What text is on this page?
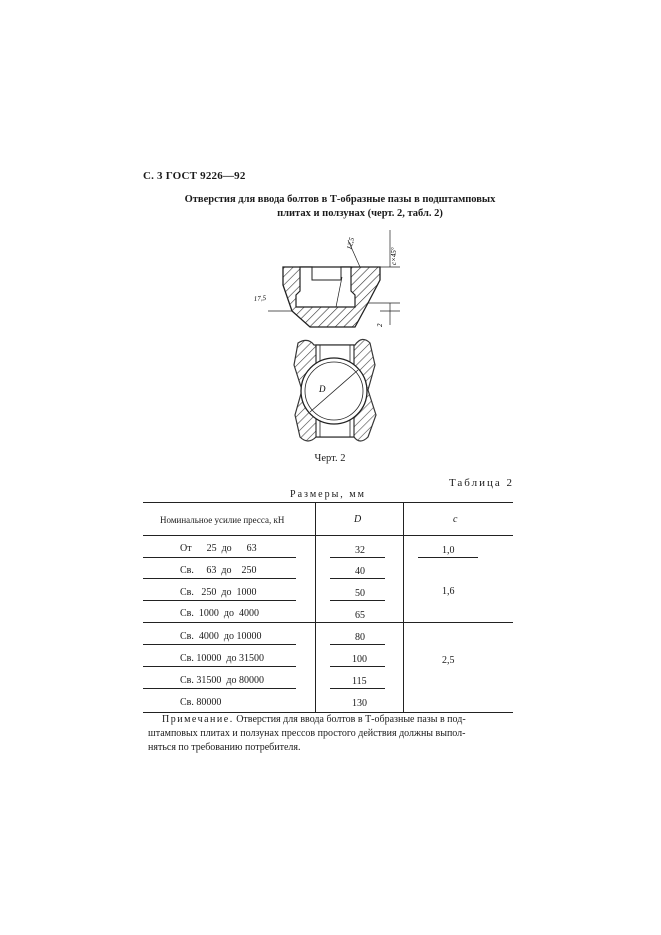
С. 3 ГОСТ 9226—92
Отверстия для ввода болтов в Т-образные пазы в подштамповых
плитах и ползунах (черт. 2, табл. 2)
17,5
12,5
c×45°
2
D
Черт. 2
Таблица 2
Размеры, мм
Номинальное усилие пресса, кН	D	c
От      25  до      63
Св.     63  до    250
Св.   250  до  1000
Св.  1000  до  4000
Св.  4000  до 10000
Св. 10000  до 31500
Св. 31500  до 80000
Св. 80000
32
40
50
65
80
100
115
130
1,0
1,6
2,5
Примечание. Отверстия для ввода болтов в Т-образные пазы в под-
штамповых плитах и ползунах прессов простого действия должны выпол-
няться по требованию потребителя.
